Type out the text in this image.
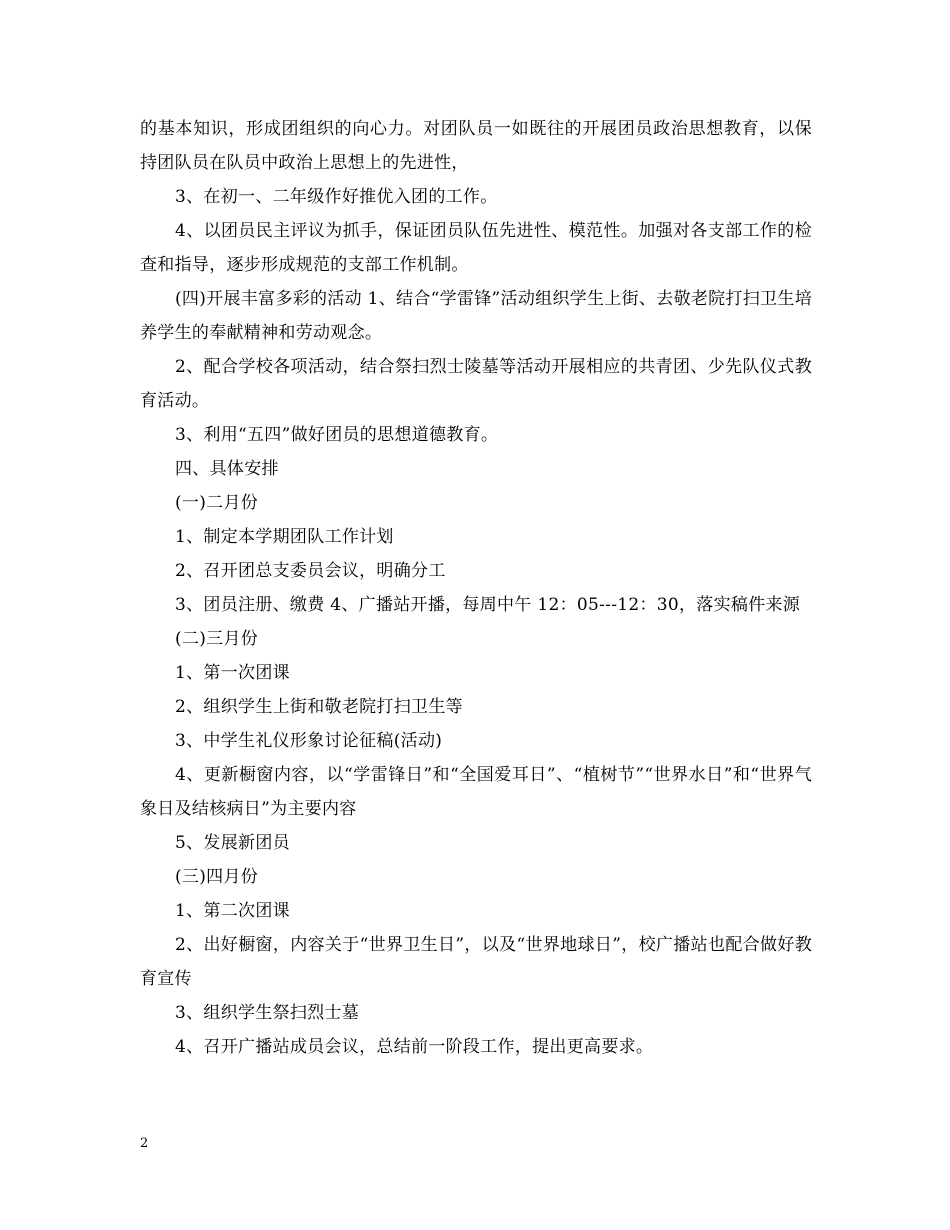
的基本知识，形成团组织的向心力。对团队员一如既往的开展团员政治思想教育，以保持团队员在队员中政治上思想上的先进性，

3、在初一、二年级作好推优入团的工作。

4、以团员民主评议为抓手，保证团员队伍先进性、模范性。加强对各支部工作的检查和指导，逐步形成规范的支部工作机制。

(四)开展丰富多彩的活动 1、结合“学雷锋”活动组织学生上街、去敬老院打扫卫生培养学生的奉献精神和劳动观念。

2、配合学校各项活动，结合祭扫烈士陵墓等活动开展相应的共青团、少先队仪式教育活动。

3、利用“五四”做好团员的思想道德教育。

四、具体安排

(一)二月份

1、制定本学期团队工作计划

2、召开团总支委员会议，明确分工

3、团员注册、缴费 4、广播站开播，每周中午 12：05---12：30，落实稿件来源

(二)三月份

1、第一次团课

2、组织学生上街和敬老院打扫卫生等

3、中学生礼仪形象讨论征稿(活动)

4、更新橱窗内容，以“学雷锋日”和“全国爱耳日”、“植树节”“世界水日”和“世界气象日及结核病日”为主要内容

5、发展新团员

(三)四月份

1、第二次团课

2、出好橱窗，内容关于“世界卫生日”，以及“世界地球日”，校广播站也配合做好教育宣传

3、组织学生祭扫烈士墓

4、召开广播站成员会议，总结前一阶段工作，提出更高要求。

2
